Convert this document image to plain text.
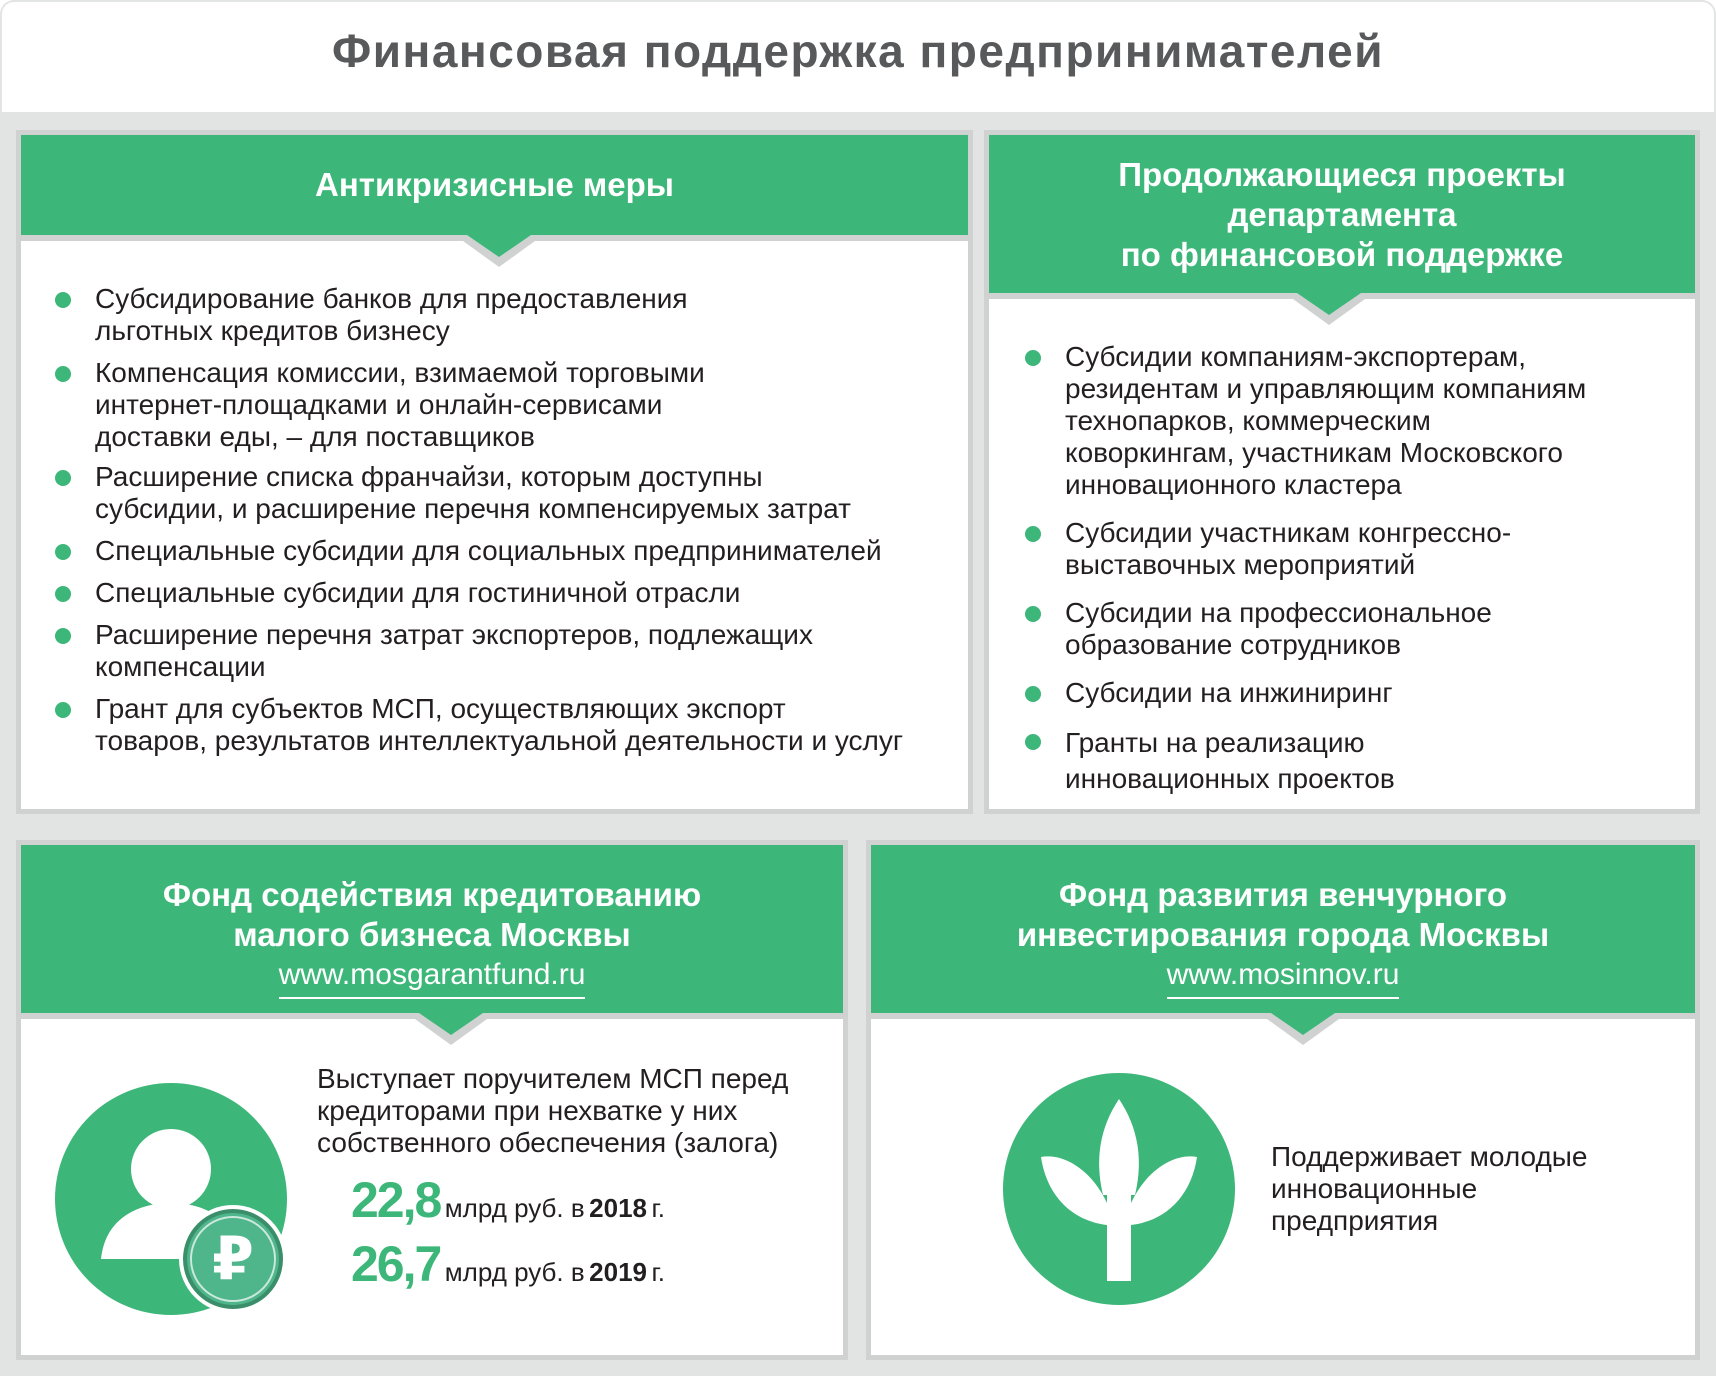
Финансовая поддержка предпринимателей
Антикризисные меры
Субсидирование банков для предоставления
льготных кредитов бизнесу
Компенсация комиссии, взимаемой торговыми
интернет-площадками и онлайн-сервисами
доставки еды, – для поставщиков
Расширение списка франчайзи, которым доступны
субсидии, и расширение перечня компенсируемых затрат
Специальные субсидии для социальных предпринимателей
Специальные субсидии для гостиничной отрасли
Расширение перечня затрат экспортеров, подлежащих
компенсации
Грант для субъектов МСП, осуществляющих экспорт
товаров, результатов интеллектуальной деятельности и услуг
Продолжающиеся проекты
департамента
по финансовой поддержке
Субсидии компаниям-экспортерам,
резидентам и управляющим компаниям
технопарков, коммерческим
коворкингам, участникам Московского
инновационного кластера
Субсидии участникам конгрессно-
выставочных мероприятий
Субсидии на профессиональное
образование сотрудников
Субсидии на инжиниринг
Гранты на реализацию
инновационных проектов
Фонд содействия кредитованию
малого бизнеса Москвы
www.mosgarantfund.ru
₽
Выступает поручителем МСП перед
кредиторами при нехватке у них
собственного обеспечения (залога)
22,8 млрд руб. в 2018 г.
26,7 млрд руб. в 2019 г.
Фонд развития венчурного
инвестирования города Москвы
www.mosinnov.ru
Поддерживает молодые
инновационные
предприятия
